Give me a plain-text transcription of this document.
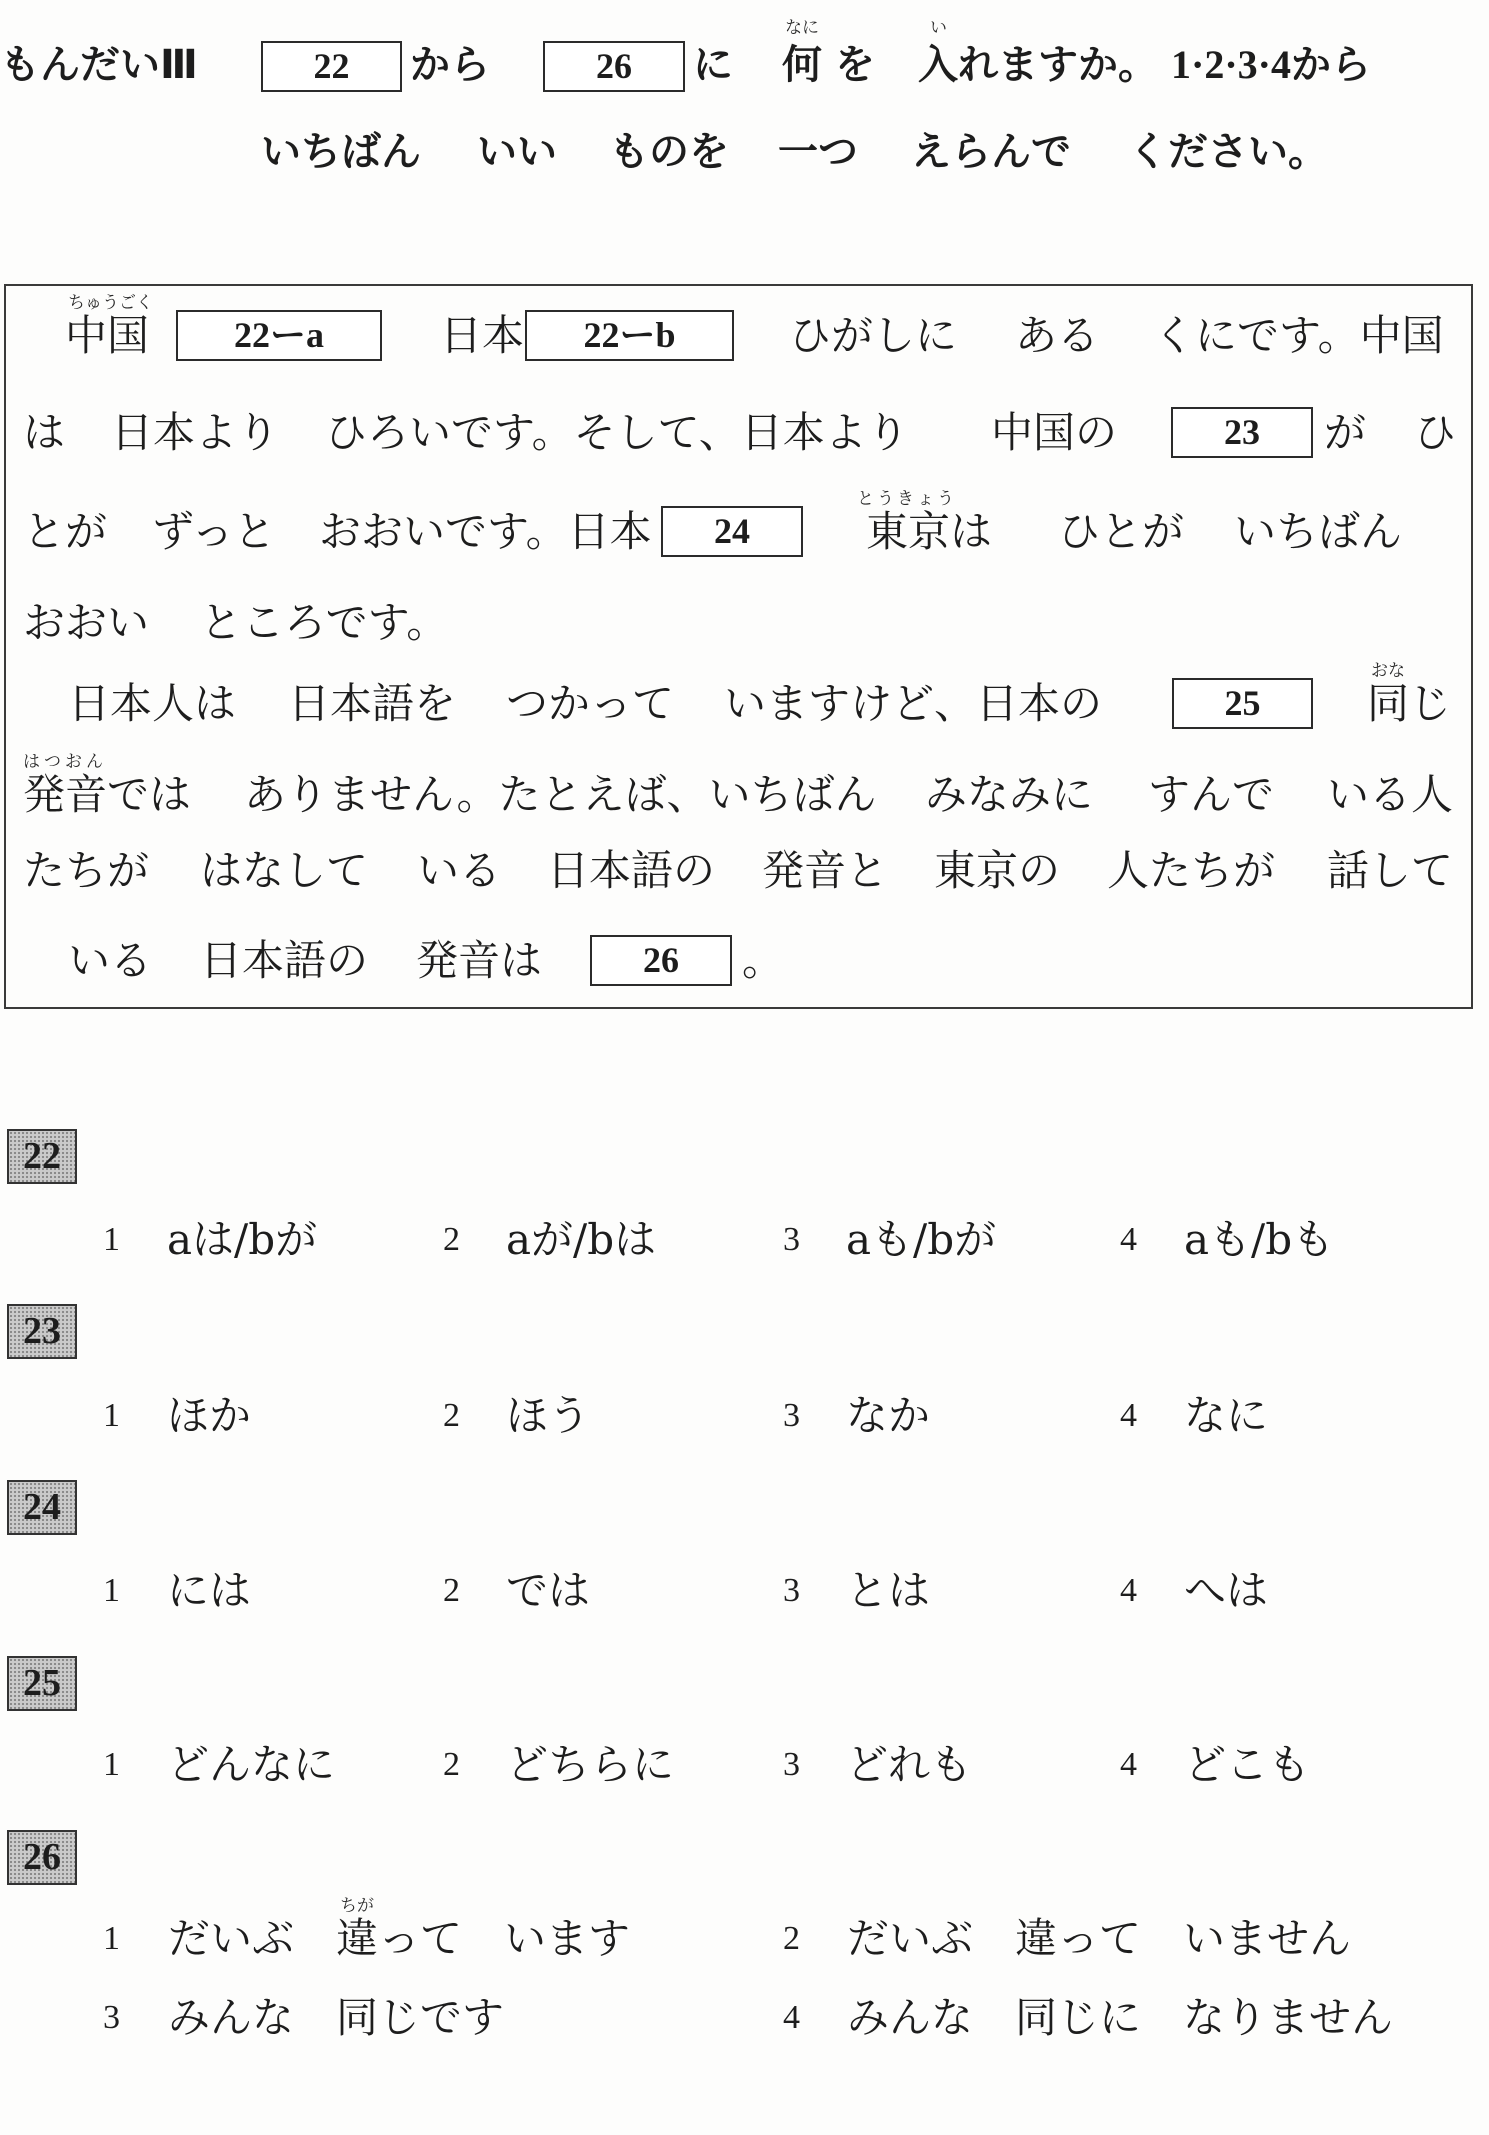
もんだいⅢ	22	から	26	に
なに
何 を
い
入 れますか。 1·2·3·4から
いちばん いい ものを 一つ えらんで ください。
ちゅうごく
中国	22ーa	日本	22ーb	ひがしに ある くにです。中国
は 日本より ひろいです。そして、日本より 中国の	23	が ひ
とが ずっと おおいです。日本	24
とうきょう
東京は ひとが いちばん
おおい ところです。
日本人は 日本語を つかって いますけど、日本の	25
おな
同じ
はつおん
発音では ありません。たとえば、いちばん みなみに すんで いる人
たちが はなして いる 日本語の 発音と 東京の 人たちが 話して
いる 日本語の 発音は	26	。
22
1 aは/bが	2 aが/bは	3 aも/bが	4 aも/bも
23
1 ほか	2 ほう	3 なか	4 なに
24
1 には	2 では	3 とは	4 へは
25
1 どんなに	2 どちらに	3 どれも	4 どこも
26
1
ちが
だいぶ　違って　います	2 だいぶ　違って　いません
3 みんな　同じです	4 みんな　同じに　なりません
